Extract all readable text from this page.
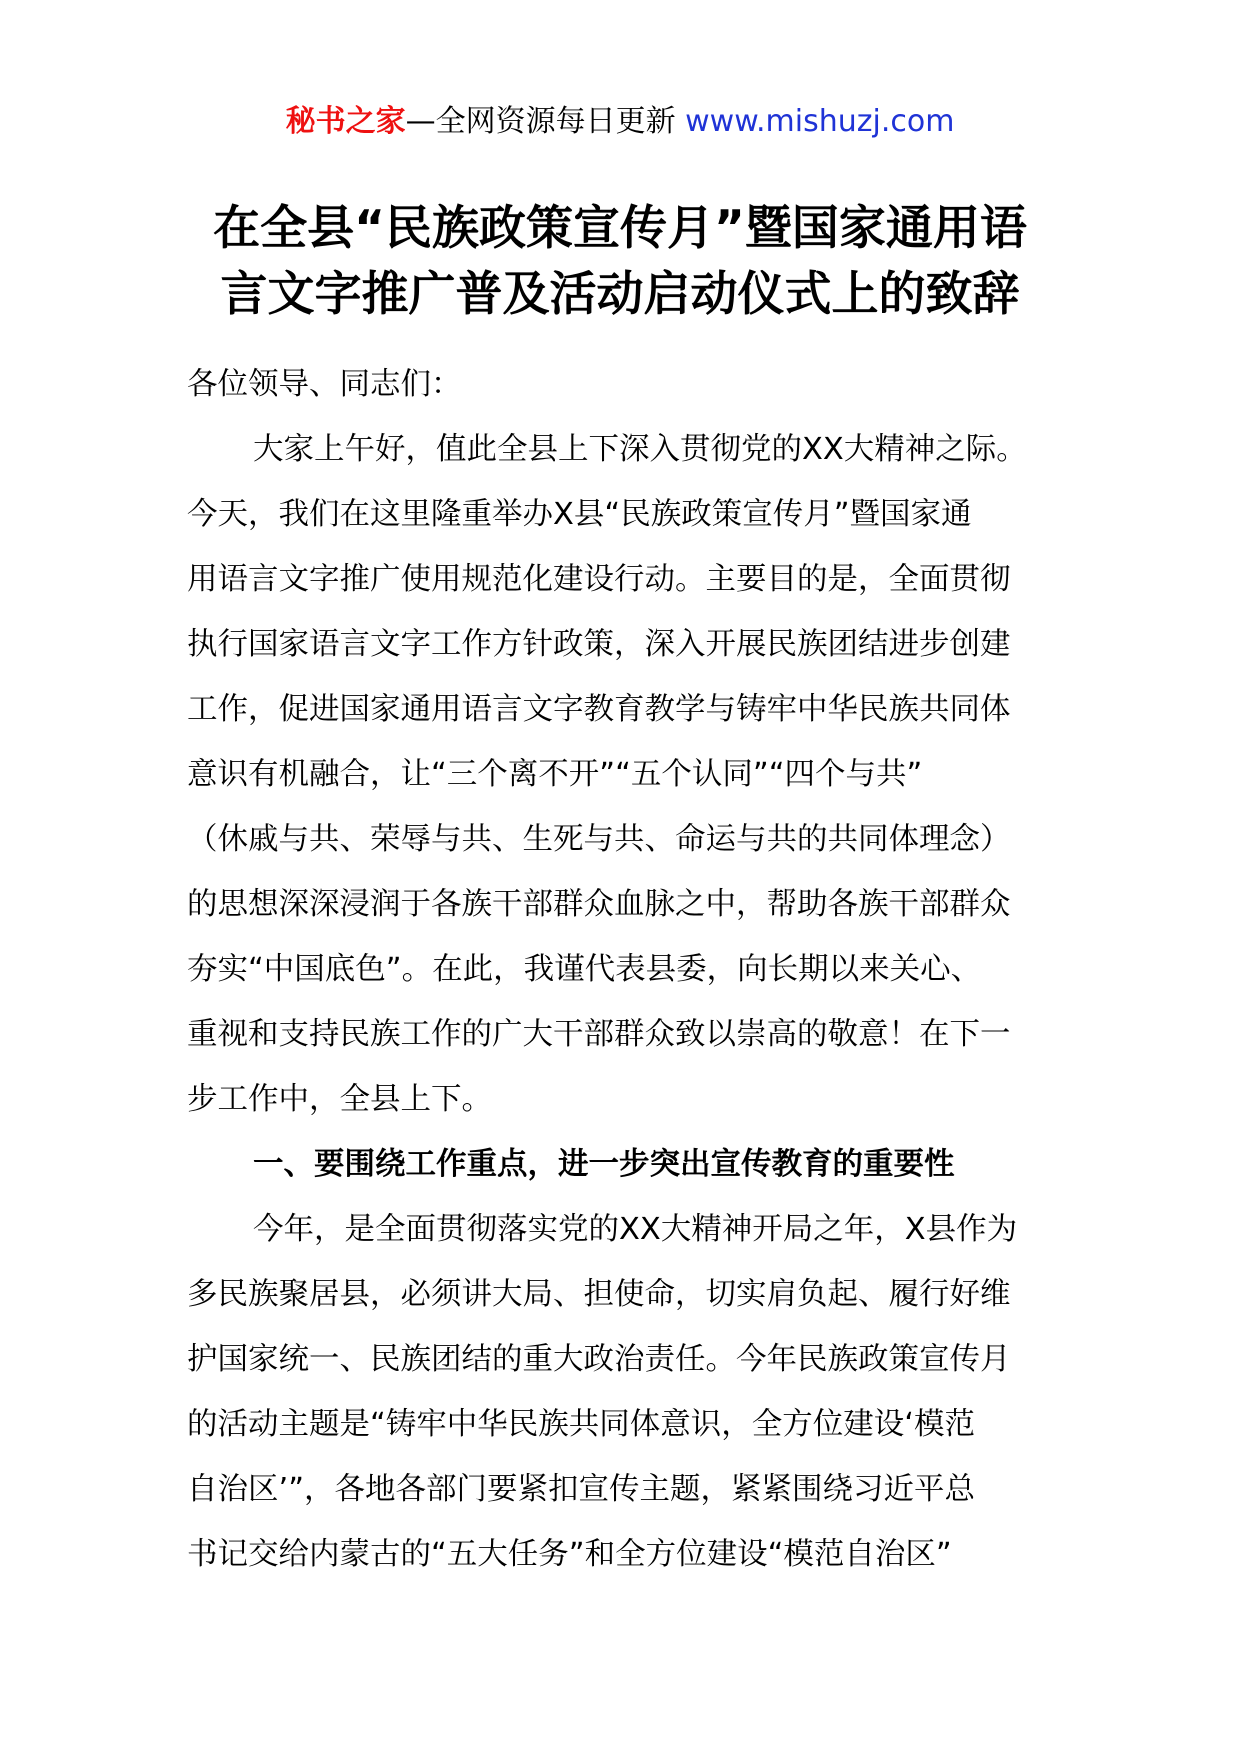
秘书之家—全网资源每日更新 www.mishuzj.com
在全县“民族政策宣传月”暨国家通用语
言文字推广普及活动启动仪式上的致辞
各位领导、同志们：
大家上午好，值此全县上下深入贯彻党的XX大精神之际。
今天，我们在这里隆重举办X县“民族政策宣传月”暨国家通
用语言文字推广使用规范化建设行动。主要目的是，全面贯彻
执行国家语言文字工作方针政策，深入开展民族团结进步创建
工作，促进国家通用语言文字教育教学与铸牢中华民族共同体
意识有机融合，让“三个离不开”“五个认同”“四个与共”
（休戚与共、荣辱与共、生死与共、命运与共的共同体理念）
的思想深深浸润于各族干部群众血脉之中，帮助各族干部群众
夯实“中国底色”。在此，我谨代表县委，向长期以来关心、
重视和支持民族工作的广大干部群众致以崇高的敬意！在下一
步工作中，全县上下。
一、要围绕工作重点，进一步突出宣传教育的重要性
今年，是全面贯彻落实党的XX大精神开局之年，X县作为
多民族聚居县，必须讲大局、担使命，切实肩负起、履行好维
护国家统一、民族团结的重大政治责任。今年民族政策宣传月
的活动主题是“铸牢中华民族共同体意识，全方位建设‘模范
自治区’”，各地各部门要紧扣宣传主题，紧紧围绕习近平总
书记交给内蒙古的“五大任务”和全方位建设“模范自治区”
